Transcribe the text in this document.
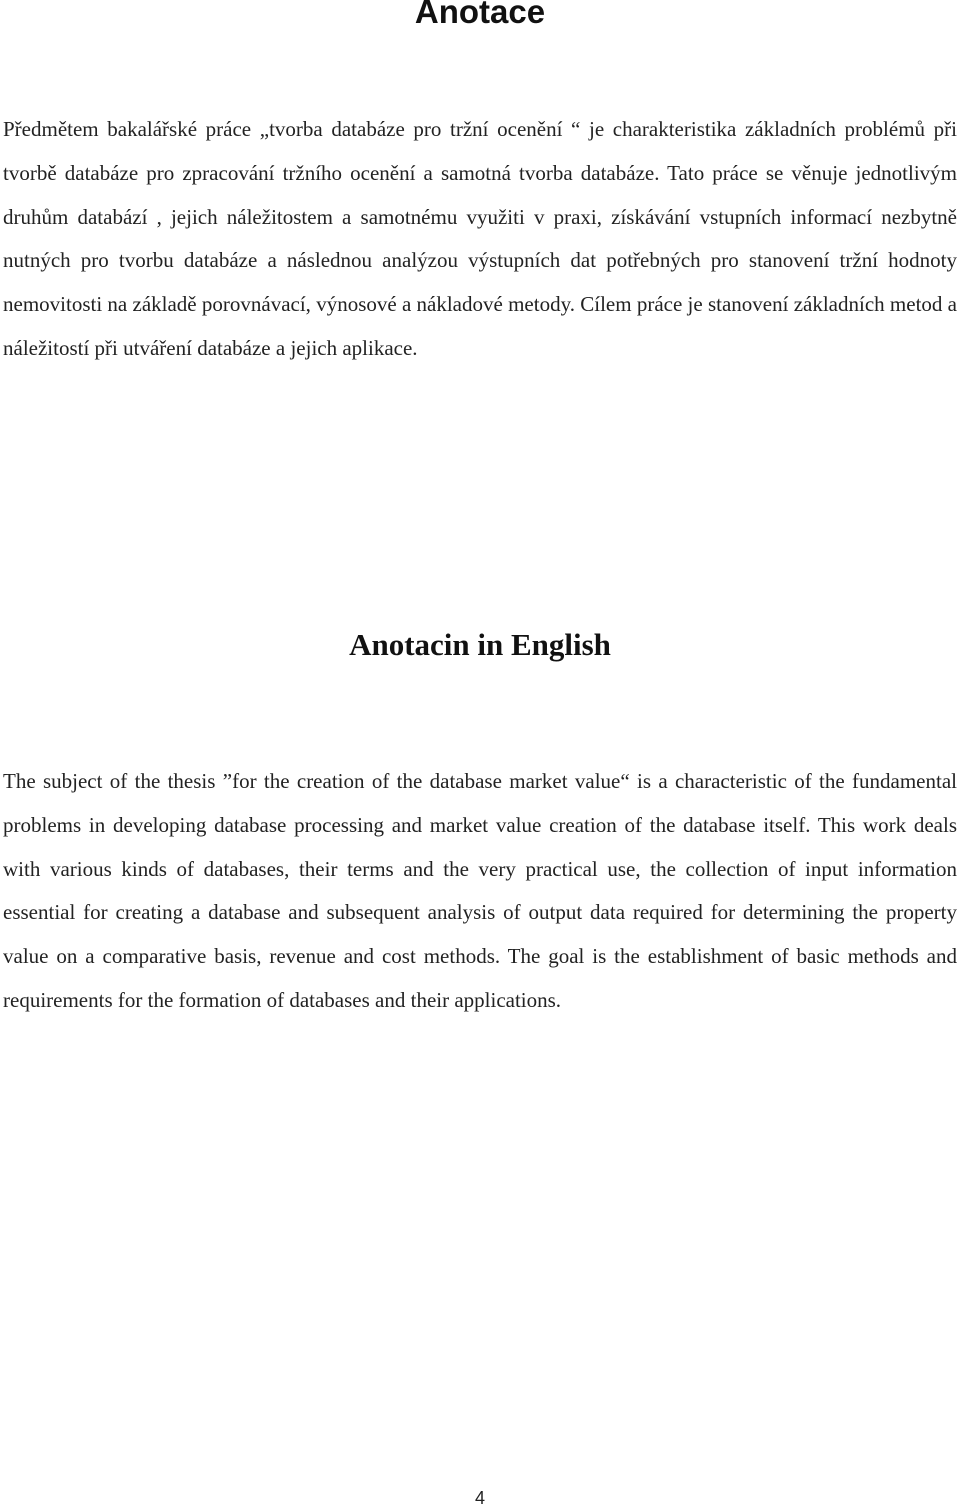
Anotace

Předmětem bakalářské práce „tvorba databáze pro tržní ocenění “ je charakteristika základních problémů při tvorbě databáze pro zpracování tržního ocenění a samotná tvorba databáze. Tato práce se věnuje jednotlivým druhům databází , jejich náležitostem a samotnému využiti v praxi, získávání vstupních informací nezbytně nutných pro tvorbu databáze a následnou analýzou výstupních dat potřebných pro stanovení tržní hodnoty nemovitosti na základě porovnávací, výnosové a nákladové metody. Cílem práce je stanovení základních metod a náležitostí při utváření databáze a jejich aplikace.

Anotacin in English

The subject of the thesis ”for the creation of the database market value“ is a characteristic of the fundamental problems in developing database processing and market value creation of the database itself. This work deals with various kinds of databases, their terms and the very practical use, the collection of input information essential for creating a database and subsequent analysis of output data required for determining the property value on a comparative basis, revenue and cost methods. The goal is the establishment of basic methods and requirements for the formation of databases and their applications.

4
